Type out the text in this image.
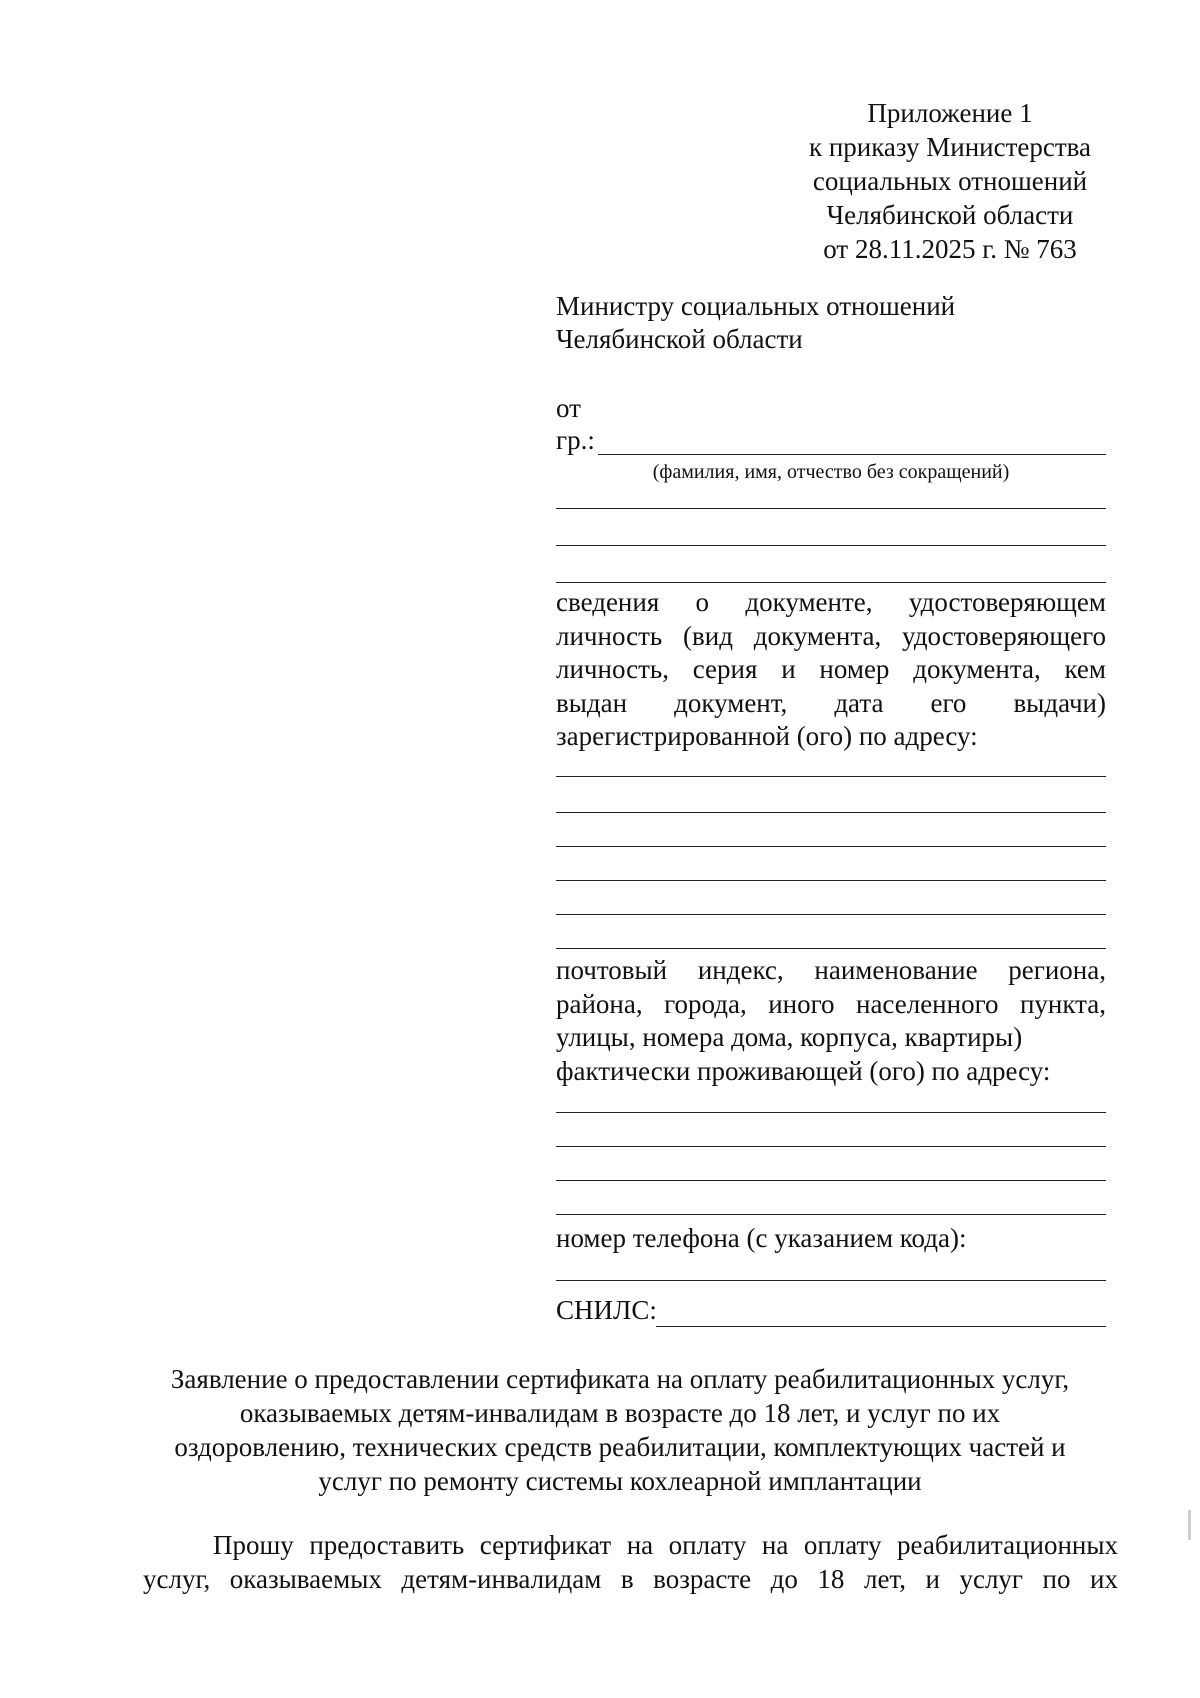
Приложение 1
к приказу Министерства
социальных отношений
Челябинской области
от 28.11.2025 г. № 763
Министру социальных отношений
Челябинской области
от
гр.:
(фамилия, имя, отчество без сокращений)
сведения о документе, удостоверяющем
личность (вид документа, удостоверяющего
личность, серия и номер документа, кем
выдан документ, дата его выдачи)
зарегистрированной (ого) по адресу:
почтовый индекс, наименование региона,
района, города, иного населенного пункта,
улицы, номера дома, корпуса, квартиры)
фактически проживающей (ого) по адресу:
номер телефона (с указанием кода):
СНИЛС:
Заявление о предоставлении сертификата на оплату реабилитационных услуг,
оказываемых детям-инвалидам в возрасте до 18 лет, и услуг по их
оздоровлению, технических средств реабилитации, комплектующих частей и
услуг по ремонту системы кохлеарной имплантации
Прошу предоставить сертификат на оплату на оплату реабилитационных
услуг, оказываемых детям-инвалидам в возрасте до 18 лет, и услуг по их
